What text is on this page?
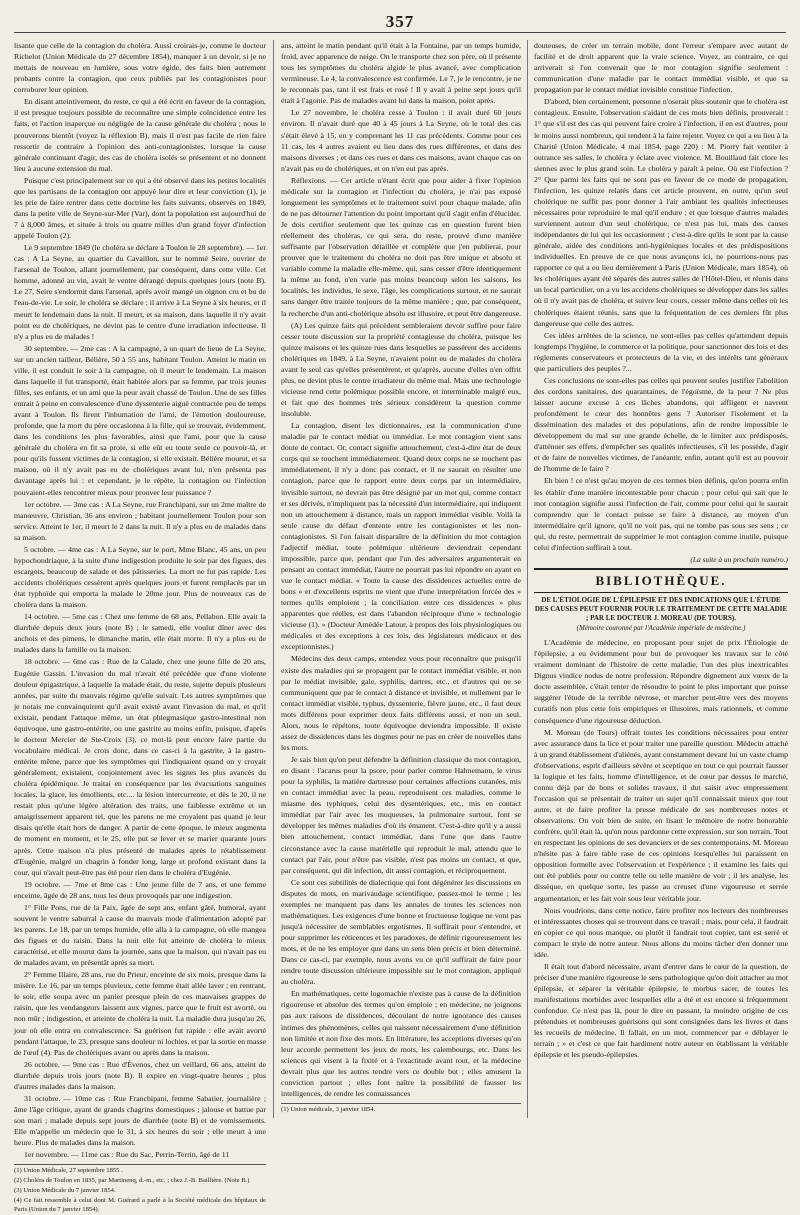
357

lisante que celle de la contagion du choléra. Aussi croirais-je, comme le docteur Richelot (Union Médicale du 27 décembre 1854), manquer à un devoir, si je ne mettais de nouveau en lumière, sous votre égide, des faits bien autrement probants contre la contagion, que ceux publiés par les contagionistes pour corroborer leur opinion.

En disant atteintivement, du reste, ce qui a été écrit en faveur de la contagion, il est presque toujours possible de reconnaître une simple coïncidence entre les faits, et l'action inaperçue ou négligée de la cause générale du choléra ; nous le prouverons bientôt (voyez la réflexion B), mais il n'est pas facile de rien faire ressortir de contraire à l'opinion des anti-contagionistes, lorsque la cause générale continuant d'agir, des cas de choléra isolés se présentent et ne donnent lieu à aucune extension du mal.

Puisque c'est principalement sur ce qui a été observé dans les petites localités que les partisans de la contagion ont appuyé leur dire et leur conviction (1), je les prie de faire rentrer dans cette doctrine les faits suivants, observés en 1849, dans la petite ville de Seyne-sur-Mer (Var), dont la population est aujourd'hui de 7 à 8,000 âmes, et située à trois ou quatre milles d'un grand foyer d'infection appelé Toulon (2).

Le 9 septembre 1849 (le choléra se déclare à Toulon le 28 septembre). — 1er cas : A La Seyne, au quartier du Cavaillon, sur le nommé Seire, ouvrier de l'arsenal de Toulon, allant journellement, par conséquent, dans cette ville. Cet homme, adonné au vin, avait le ventre dérangé depuis quelques jours (note B). Le 27, Seire s'endormit dans l'arsenal, après avoir mangé un oignon cru et bu de l'eau-de-vie. Le soir, le choléra se déclare ; il arrive à La Seyne à six heures, et il meurt le lendemain dans la nuit. Il meurt, et sa maison, dans laquelle il n'y avait point eu de cholériques, ne devint pas le centre d'une irradiation infectieuse. Il n'y a plus eu de malades !

30 septembre. — 2me cas : A la campagne, à un quart de lieue de La Seyne, sur un ancien tailleur, Bélière, 50 à 55 ans, habitant Toulon. Atteint le matin en ville, il est conduit le soir à la campagne, où il meurt le lendemain. La maison dans laquelle il fut transporté, était habitée alors par sa femme, par trois jeunes filles, ses enfants, et un ami que la peur avait chassé de Toulon. Une de ses filles entrait à peine en convalescence d'une dyssenterie aiguë contractée peu de temps avant à Toulon. Ils firent l'inhumation de l'ami, de l'émotion douloureuse, profonde, que la mort du père occasionna à la fille, qui se trouvait, évidemment, dans les conditions les plus favorables, ainsi que l'ami, pour que la cause générale du choléra en fit sa proie, si elle eût eu toute seule ce pouvoir-là, et pour qu'ils fussent victimes de la contagion, si elle existait. Bélière mourut, et sa maison, où il n'y avait pas eu de cholériques avant lui, n'en présenta pas davantage après lui : et cependant, je le répète, la contagion ou l'infection pouvaient-elles rencontrer mieux pour prouver leur puissance ?

1er octobre. — 3me cas : A La Seyne, rue Franchipani, sur un 2me maître de manœuvre, Christian, 36 ans environ ; habitant journellement Toulon pour son service. Atteint le 1er, il meurt le 2 dans la nuit. Il n'y a plus eu de malades dans sa maison.

5 octobre. — 4me cas : A La Seyne, sur le port, Mme Blanc, 45 ans, un peu hypochondriaque, à la suite d'une indigestion produite le soir par des figues, des escargots, beaucoup de salade et des pâtisseries. La mort ne fut pas rapide. Les accidents cholériques cessèrent après quelques jours et furent remplacés par un état typhoïde qui emporta la malade le 20me jour. Plus de nouveaux cas de choléra dans la maison.

14 octobre. — 5me cas : Chez une femme de 68 ans, Pellabon. Elle avait la diarrhée depuis deux jours (note B) ; le samedi, elle voulut dîner avec des anchois et des pimens, le dimanche matin, elle était morte. Il n'y a plus eu de malades dans la famille ou la maison.

18 octobre. — 6me cas : Rue de la Calade, chez une jeune fille de 20 ans, Eugénie Gassin. L'invasion du mal n'avait été précédée que d'une violente douleur épigastrique, à laquelle la malade était, du reste, sujette depuis plusieurs années, par suite du mauvais régime qu'elle suivait. Les autres symptômes que je notais me convainquirent qu'il avait existé avant l'invasion du mal, et qu'il existait, pendant l'attaque même, un état phlegmasique gastro-intestinal non équivoque, une gastro-entérite, ou une gastrite au moins enfin, puisque, d'après le docteur Mercier de Ste-Croix (3), ce mot-là peut encore faire partie du vocabulaire médical. Je crois donc, dans ce cas-ci à la gastrite, à la gastro-entérite même, parce que les symptômes qui l'indiquaient quand on y croyait généralement, existaient, conjointement avec les signes les plus avancés du choléra épidémique. Je traitai en conséquence par les évacuations sanguines locales, la glace, les émollients, etc.... la lésion intercurrente, et dès le 20, il ne restait plus qu'une légère altération des traits, une faiblesse extrême et un amaigrissement apparent tel, que les parens ne me croyaient pas quand je leur disais qu'elle était hors de danger. A partir de cette époque, le mieux augmenta de moment en moment, et le 25, elle put se lever et se marier quarante jours après. Cette maison n'a plus présenté de malades après le rétablissement d'Eugénie, malgré un chagrin à fonder long, large et profond existant dans la cour, qui n'avait peut-être pas été pour rien dans le choléra d'Eugénie.

19 octobre. — 7me et 8me cas : Une jeune fille de 7 ans, et une femme enceinte, âgée de 28 ans, tous les deux provoqués par une indigestion.

1° Fille Pons, rue de la Paix, âgée de sept ans, enfant gâté, humoral, ayant souvent le ventre saburral à cause du mauvais mode d'alimentation adopté par les parens. Le 18, par un temps humide, elle alla à la campagne, où elle mangea des figues et du raisin. Dans la nuit elle fut atteinte de choléra le mieux caractérisé, et elle mourut dans la journée, sans que la maison, qui n'avait pas eu de malades avant, en présentât après sa mort.

2° Femme Illaire, 28 ans, rue du Prieur, enceinte de six mois, presque dans la misère. Le 16, par un temps pluvieux, cette femme était allée laver ; en rentrant, le soir, elle soupa avec un panier presque plein de ces mauvaises grappes de raisin, que les vendangeurs laissent aux vignes, parce que le fruit est avorté, ou non mûr ; indigestion, et atteinte de choléra la nuit. La maladie dura jusqu'au 26, jour où elle entra en convalescence. Sa guérison fut rapide : elle avait avorté pendant l'attaque, le 23, presque sans douleur ni lochies, et par la sortie en masse de l'œuf (4). Pas de cholériques avant ou après dans la maison.

26 octobre. — 9me cas : Rue d'Évenos, chez un veillard, 66 ans, atteint de diarrhée depuis trois jours (note B). Il expire en vingt-quatre heures ; plus d'autres malades dans la maison.

31 octobre. — 10me cas : Rue Franchipani, femme Sabatier, journalière ; âme l'âge critique, ayant de grands chagrins domestiques ; jalouse et battue par son mari ; malade depuis sept jours de diarrhée (note B) et de vomissements. Elle m'appelle un médecin que le 31, à six heures du soir ; elle meurt à une heure. Plus de malades dans la maison.

1er novembre. — 11me cas : Rue du Sac, Perrin-Terrin, âgé de 11

(1) Union Médicale, 27 septembre 1855 .
(2) Choléra de Toulon en 1835, par Martinenq, d.-m., etc. ; chez J.-B. Baillière. (Note B.)
(3) Union Médicale du 7 janvier 1854.
(4) Ce fait ressemble à celui dont M. Guérard a parlé à la Société médicale des hôpitaux de Paris (Union du 7 janvier 1854).

ans, atteint le matin pendant qu'il était à la Fontaine, par un temps humide, froid, avec apparence de neige. On le transporte chez son père, où il présente tous les symptômes du choléra algide le plus avancé, avec complication vermineuse. Le 4, la convalescence est confirmée. Le 7, je le rencontre, je ne le reconnais pas, tant il est frais et rosé ! Il y avait à peine sept jours qu'il était à l'agonie. Pas de malades avant lui dans la maison, point après.

Le 27 novembre, le choléra cesse à Toulon : il avait duré 60 jours environ. Il n'avait duré que 40 à 45 jours à La Seyne, où le total des cas s'était élevé à 15, en y comprenant les 11 cas précédents. Comme pour ces 11 cas, les 4 autres avaient eu lieu dans des rues différentes, et dans des maisons diverses ; et dans ces rues et dans ces maisons, avant chaque cas on n'avait pas eu de cholériques, et on n'en eut pas après.

Réflexions. — Cet article n'étant écrit que pour aider à fixer l'opinion médicale sur la contagion et l'infection du choléra, je n'ai pas exposé longuement les symptômes et le traitement suivi pour chaque malade, afin de ne pas détourner l'attention du point important qu'il s'agit enfin d'élucider. Je dois certifier seulement que les quinze cas en question furent bien réellement des choléras, ce qui sera, du reste, prouvé d'une manière suffisante par l'observation détaillée et complète que j'en publierai, pour prouver que le traitement du choléra ne doit pas être unique et absolu et variable comme la maladie elle-même, qui, sans cesser d'être identiquement la même au fond, n'en varie pas moins beaucoup selon les saisons, les localités, les individus, le sexe, l'âge, les complications surtout, et ne saurait sans danger être traitée toujours de la même manière ; que, par conséquent, la recherche d'un anti-cholérique absolu est illusoire, et peut être dangereuse.

(A) Les quinze faits qui précèdent sembleraient devoir suffire pour faire cesser toute discussion sur la propriété contagieuse du choléra, puisque les quinze maisons et les quinze rues dans lesquelles se passèrent des accidents cholériques en 1849, à La Seyne, n'avaient point eu de malades du choléra avant le seul cas qu'elles présentèrent, et qu'après, aucune d'elles n'en offrit plus, ne devint plus le centre irradiateur du même mal. Mais une technologie vicieuse rend cette polémique possible encore, et interminable malgré eux, et fait que des hommes très sérieux considèrent la question comme insoluble.

La contagion, disent les dictionnaires, est la communication d'une maladie par le contact médiat ou immédiat. Le mot contagion vient sans doute de contact. Or, contact signifie attouchement, c'est-à-dire état de deux corps qui se touchent immédiatement. Quand deux corps ne se touchent pas immédiatement, il n'y a donc pas contact, et il ne saurait en résulter une contagion, parce que le rapport entre deux corps par un intermédiaire, invisible surtout, ne devrait pas être désigné par un mot qui, comme contact et ses dérivés, n'impliquent pas la nécessité d'un intermédiaire, qui indiquent non un attouchement à distance, mais un rapport immédiat visible. Voilà la seule cause du défaut d'entente entre les contagionistes et les non-contagionistes. Si l'on faisait disparaître de la définition du mot contagion l'adjectif médiat, toute polémique ultérieure deviendrait cependant impossible, parce que, pendant que l'un des adversaires argumenterait en pensant au contact immédiat, l'autre ne pourrait pas lui répondre en ayant en vue le contact médiat. « Toute la cause des dissidences actuelles entre de bons » et d'excellents esprits ne vient que d'une interprétation forcée des » termes qu'ils emploient ; la conciliation entre ces dissidences » plus apparentes que réelles, est dans l'abandon réciproque d'une » technologie vicieuse (1). » (Docteur Amédée Latour, à propos des lois physiologiques ou médicales et des exceptions à ces lois, des législateurs médicaux et des exceptionnistes.)

Médecins des deux camps, entendez vous pour reconnaître que puisqu'il existe des maladies qui se propagent par le contact immédiat visible, et non par le médiat invisible, gale, syphilis, dartres, etc., et d'autres qui ne se communiquent que par le contact à distance et invisible, et nullement par le contact immédiat visible, typhus, dyssenterie, fièvre jaune, etc., il faut deux mots différens pour exprimer deux faits différens aussi, et non un seul. Alors, nous le répétons, toute équivoque deviendra impossible. Il existe assez de dissidences dans les dogmes pour ne pas en créer de nouvelles dans les mots.

Je sais bien qu'on peut défendre la définition classique du mot contagion, en disant : l'acarus pour la psore, pour parler comme Hahnemann, le virus pour la syphilis, la matière dartreuse pour certaines affections cutanées, mis en contact immédiat avec la peau, reproduisent ces maladies, comme le miasme des typhiques, celui des dysentériques, etc., mis en contact immédiat par l'air avec les muqueuses, la pulmonaire surtout, font se développer les mêmes maladies d'où ils émanent. C'est-à-dire qu'il y a aussi bien attouchement, contact immédiat, dans l'une que dans l'autre circonstance avec la cause matérielle qui reproduit le mal, attendu que le contact par l'air, pour n'être pas visible, n'est pas moins un contact, et que, par conséquent, qui dit infection, dit aussi contagion, et réciproquement.

Ce sont ces subtilités de dialectique qui font dégénérer les discussions en disputes de mots, en marivaudage scientifique, passez-moi le terme ; les exemples ne manquent pas dans les annales de toutes les sciences non mathématiques. Les exigences d'une bonne et fructueuse logique ne vont pas jusqu'à nécessiter de semblables ergotismes. Il suffirait pour s'entendre, et pour supprimer les réticences et les paradoxes, de définir rigoureusement les mots, et de ne les employer que dans un sens bien précis et bien déterminé. Dans ce cas-ci, par exemple, nous avons vu ce qu'il suffirait de faire pour rendre toute discussion ultérieure impossible sur le mot contagion, appliqué au choléra.

En mathématiques, cette logomachie n'existe pas à cause de la définition rigoureuse et absolue des termes qu'on emploie ; en médecine, ne joignons pas aux raisons de dissidences, découlant de notre ignorance des causes intimes des phénomènes, celles qui naissent nécessairement d'une définition non limitée et non fixe des mots. En littérature, les acceptions diverses qu'on leur accorde permettent les jeux de mots, les calembourgs, etc. Dans les sciences qui visent à la fixité et à l'exactitude avant tout, et la médecine devrait plus que les autres tendre vers ce double but ; elles amusent la conviction partout ; elles font naître la possibilité de fausser les intelligences, de rendre les connaissances

(1) Union médicale, 3 janvier 1854.

douteuses, de créer un terrain mobile, dont l'erreur s'empare avec autant de facilité et de droit apparent que la vraie science. Voyez, au contraire, ce qui arriverait si l'on convenait que le mot contagion signifie seulement : communication d'une maladie par le contact immédiat visible, et que sa propagation par le contact médiat invisible constitue l'infection.

D'abord, bien certainement, personne n'oserait plus soutenir que le choléra est contagieux. Ensuite, l'observation s'aidant de ces mots bien définis, prouverait : 1° que s'il est des cas qui peuvent faire croire à l'infection, il en est d'autres, pour le moins aussi nombreux, qui tendent à la faire rejeter. Voyez ce qui a eu lieu à la Charité (Union Médicale, 4 mai 1854, page 220) : M. Piorry fait ventiler à outrance ses salles, le choléra y éclate avec violence. M. Bouillaud fait clore les siennes avec le plus grand soin. Le choléra y paraît à peine. Où est l'infection ? 2° Que parmi les faits qui ne sont pas en faveur de ce mode de propagation, l'infection, les quinze relatés dans cet article prouvent, en outre, qu'un seul cholérique ne suffit pas pour donner à l'air ambiant les qualités infectieuses nécessaires pour reproduire le mal qu'il endure ; et que lorsque d'autres malades surviennent autour d'un seul cholérique, ce n'est pas lui, mais des causes indépendantes de lui qui les occasionnent ; c'est-à-dire qu'ils le sont par la cause générale, aidée des conditions anti-hygiéniques locales et des prédispositions individuelles. En preuve de ce que nous avançons ici, ne pourrions-nous pas rapporter ce qui a eu lieu dernièrement à Paris (Union Médicale, mars 1854), où les cholériques ayant été séparés des autres salles de l'Hôtel-Dieu, et réunis dans un local particulier, on a vu les accidens cholériques se développer dans les salles où il n'y avait pas de choléra, et suivre leur cours, cesser même dans celles où les cholériques étaient réunis, sans que la fréquentation de ces derniers fût plus dangereuse que celle des autres.

Ces idées arrêtées de la science, ne sont-elles pas celles qu'attendent depuis longtemps l'hygiène, le commerce et la politique, pour sanctionner des lois et des règlements conservateurs et protecteurs de la vie, et des intérêts tant généraux que particuliers des peuples ?...

Ces conclusions ne sont-elles pas celles qui peuvent seules justifier l'abolition des cordons sanitaires, des quarantaines, de l'égoïsme, de la peur ? Ne plus laisser aucune excuse à ces lâches abandons, qui affligent et navrent profondément le cœur des honnêtes gens ? Autoriser l'isolement et la dissémination des malades et des populations, afin de rendre impossible le développement du mal sur une grande échelle, de le limiter aux prédisposés, d'atténuer ses effets, d'empêcher ses qualités infectieuses, s'il les possède, d'agir et de faire de nouvelles victimes, de l'anéantir, enfin, autant qu'il est au pouvoir de l'homme de le faire ?

Eh bien ! ce n'est qu'au moyen de ces termes bien définis, qu'on pourra enfin les établir d'une manière incontestable pour chacun ; pour celui qui sait que le mot contagion signifie aussi l'infection de l'air, comme pour celui qui le saurait comprendre que le contact puisse se faire à distance, au moyen d'un intermédiaire qu'il ignore, qu'il ne voit pas, qui ne tombe pas sous ses sens ; ce qui, du reste, permettrait de supprimer le mot contagion comme inutile, puisque celui d'infection suffirait à tout.

(La suite à un prochain numéro.)
BIBLIOTHÈQUE.
DE L'ÉTIOLOGIE DE L'ÉPILEPSIE ET DES INDICATIONS QUE L'ÉTUDE DES CAUSES PEUT FOURNIR POUR LE TRAITEMENT DE CETTE MALADIE ; PAR LE DOCTEUR J. MOREAU (DE TOURS).
(Mémoire couronné par l'Académie impériale de médecine.)

L'Académie de médecine, en proposant pour sujet de prix l'Étiologie de l'épilepsie, a eu évidemment pour but de provoquer les travaux sur le côté vraiment dominant de l'histoire de cette maladie, l'un des plus inextricables Dignus vindice nodus de notre profession. Répondre dignement aux vœux de la docte assemblée, c'était tenter de résoudre le point le plus important que puisse suggérer l'étude de la terrible névrose, et marcher peut-être vers des moyens curatifs non plus cette fois empiriques et illusoires, mais rationnels, et comme conséquence d'une rigoureuse déduction.

M. Moreau (de Tours) offrait toutes les conditions nécessaires pour entrer avec assurance dans la lice et pour traiter une pareille question. Médecin attaché à un grand établissement d'aliénés, ayant constamment devant lui un vaste champ d'observations, esprit d'ailleurs sévère et sceptique en tout ce qui pourrait fausser la logique et les faits, homme d'intelligence, et de cœur par dessus le marché, connu déjà par de bons et solides travaux, il dut saisir avec empressement l'occasion qui se présentait de traiter un sujet qu'il connaissait mieux que tout autre, et de faire profiter la presse médicale de ses nombreuses notes et observations. On voit bien de suite, en lisant le mémoire de notre honorable confrère, qu'il était là, qu'on nous pardonne cette expression, sur son terrain. Tout en respectant les opinions de ses devanciers et de ses contemporains, M. Moreau n'hésite pas à faire table rase de ces opinions lorsqu'elles lui paraissent en opposition formelle avec l'observation et l'expérience ; il examine les faits qui ont été publiés pour ou contre telle ou telle manière de voir ; il les analyse, les dissèque, en quelque sorte, les passe au creuset d'une vigoureuse et serrée argumentation, et les fait voir sous leur véritable jour.

Nous voudrions, dans cette notice, faire profiter nos lecteurs des nombreuses et intéressantes choses qui se trouvent dans ce travail ; mais, pour cela, il faudrait en copier ce qui nous manque, ou plutôt il faudrait tout copier, tant est serré et compact le style de notre auteur. Nous allons du moins tâcher d'en donner une idée.

Il était tout d'abord nécessaire, avant d'entrer dans le cœur de la question, de préciser d'une manière rigoureuse le sens pathologique qu'on doit attacher au mot épilepsie, et séparer la véritable épilepsie, le morbus sacer, de toutes les manifestations morbides avec lesquelles elle a été et est encore si fréquemment confondue. Ce n'est pas là, pour le dire en passant, la moindre origine de ces prétendues et nombreuses guérisons qui sont consignées dans les livres et dans les recueils de médecine. Il fallait, en un mot, commencer par « déblayer le terrain ; » et c'est ce que fait hardiment notre auteur en établissant la véritable épilepsie et les pseudo-épilepsies.
